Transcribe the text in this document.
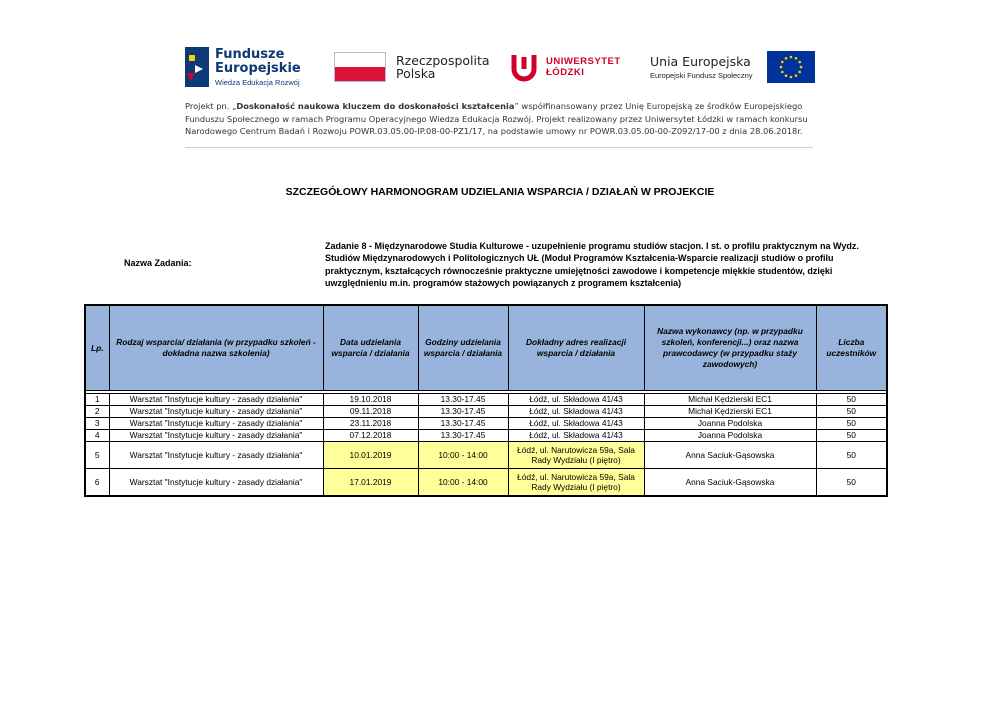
Fundusze
Europejskie
Wiedza Edukacja Rozwój
Rzeczpospolita
Polska
UNIWERSYTET
ŁÓDZKI
Unia Europejska
Europejski Fundusz Społeczny
Projekt pn. „Doskonałość naukowa kluczem do doskonałości kształcenia” współfinansowany przez Unię Europejską ze środków Europejskiego Funduszu Społecznego w ramach Programu Operacyjnego Wiedza Edukacja Rozwój. Projekt realizowany przez Uniwersytet Łódzki w ramach konkursu Narodowego Centrum Badań i Rozwoju POWR.03.05.00-IP.08-00-PZ1/17, na podstawie umowy nr POWR.03.05.00-00-Z092/17-00 z dnia 28.06.2018r.
SZCZEGÓŁOWY HARMONOGRAM UDZIELANIA WSPARCIA / DZIAŁAŃ W PROJEKCIE
Nazwa Zadania:
Zadanie 8 - Międzynarodowe Studia Kulturowe - uzupełnienie programu studiów stacjon. I st. o profilu praktycznym na Wydz. Studiów Międzynarodowych i Politologicznych UŁ (Moduł Programów Kształcenia-Wsparcie realizacji studiów o profilu praktycznym, kształcących równocześnie praktyczne umiejętności zawodowe i kompetencje miękkie studentów, dzięki uwzględnieniu m.in. programów stażowych powiązanych z programem kształcenia)
Lp.	Rodzaj wsparcia/ działania (w przypadku szkoleń - dokładna nazwa szkolenia)	Data udzielania wsparcia / działania	Godziny udzielania wsparcia / działania	Dokładny adres realizacji wsparcia / działania	Nazwa wykonawcy (np. w przypadku szkoleń, konferencji...) oraz nazwa prawcodawcy (w przypadku staży zawodowych)	Liczba uczestników

1	Warsztat "Instytucje kultury - zasady działania"	19.10.2018	13.30-17.45	Łódź, ul. Składowa 41/43	Michał Kędzierski EC1	50
2	Warsztat "Instytucje kultury - zasady działania"	09.11.2018	13.30-17.45	Łódź, ul. Składowa 41/43	Michał Kędzierski EC1	50
3	Warsztat "Instytucje kultury - zasady działania"	23.11.2018	13.30-17.45	Łódź, ul. Składowa 41/43	Joanna Podolska	50
4	Warsztat "Instytucje kultury - zasady działania"	07.12.2018	13.30-17.45	Łódź, ul. Składowa 41/43	Joanna Podolska	50
5	Warsztat "Instytucje kultury - zasady działania"	10.01.2019	10:00 - 14:00	Łódź, ul. Narutowicza 59a, Sala Rady Wydziału (I piętro)	Anna Saciuk-Gąsowska	50
6	Warsztat "Instytucje kultury - zasady działania"	17.01.2019	10:00 - 14:00	Łódź, ul. Narutowicza 59a, Sala Rady Wydziału (I piętro)	Anna Saciuk-Gąsowska	50
